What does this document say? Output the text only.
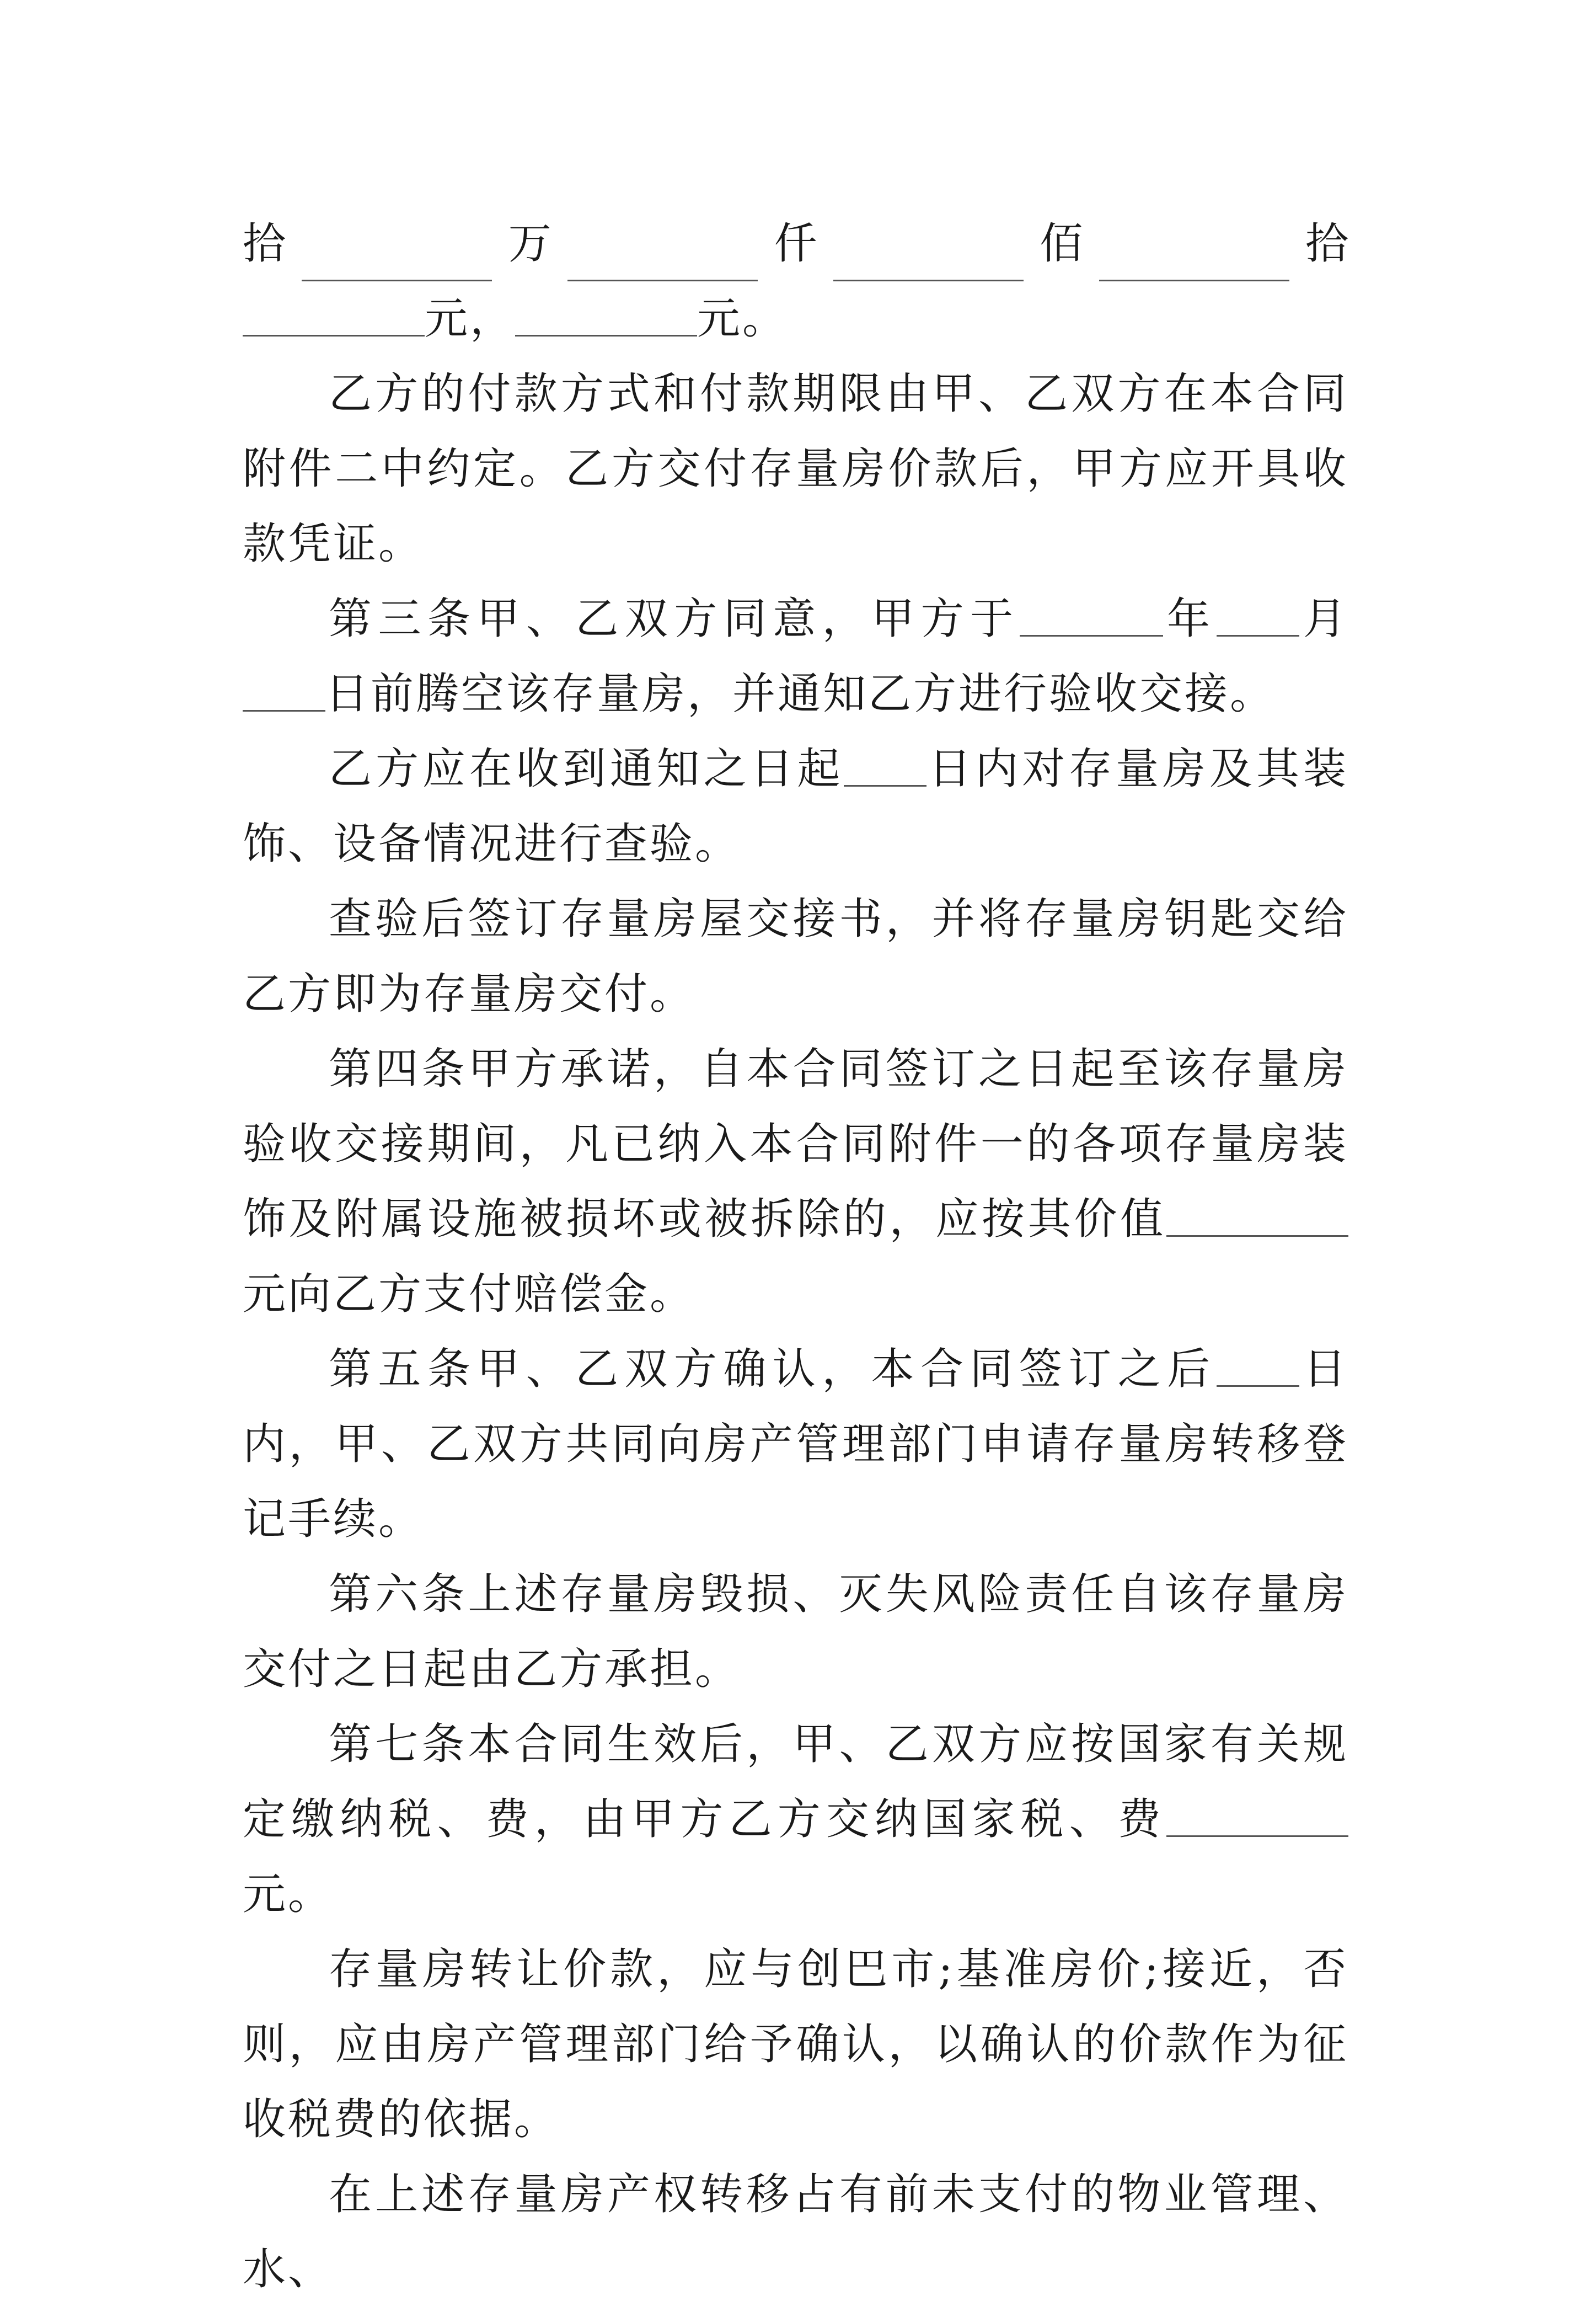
拾	万	仟	佰	拾

元，	元。

乙方的付款方式和付款期限由甲、乙双方在本合同附件二中约定。乙方交付存量房价款后，甲方应开具收款凭证。

第三条甲、乙双方同意，甲方于	年 月日前腾空该存量房，并通知乙方进行验收交接。

乙方应在收到通知之日起 日内对存量房及其装饰、设备情况进行查验。

查验后签订存量房屋交接书，并将存量房钥匙交给乙方即为存量房交付。

第四条甲方承诺，自本合同签订之日起至该存量房验收交接期间，凡已纳入本合同附件一的各项存量房装饰及附属设施被损坏或被拆除的，应按其价值元向乙方支付赔偿金。

第五条甲、乙双方确认，本合同签订之后 日内，甲、乙双方共同向房产管理部门申请存量房转移登记手续。

第六条上述存量房毁损、灭失风险责任自该存量房交付之日起由乙方承担。

第七条本合同生效后，甲、乙双方应按国家有关规定缴纳税、费，由甲方乙方交纳国家税、费元。

存量房转让价款，应与创巴市;基准房价;接近，否则，应由房产管理部门给予确认，以确认的价款作为征收税费的依据。

在上述存量房产权转移占有前未支付的物业管理、水、
